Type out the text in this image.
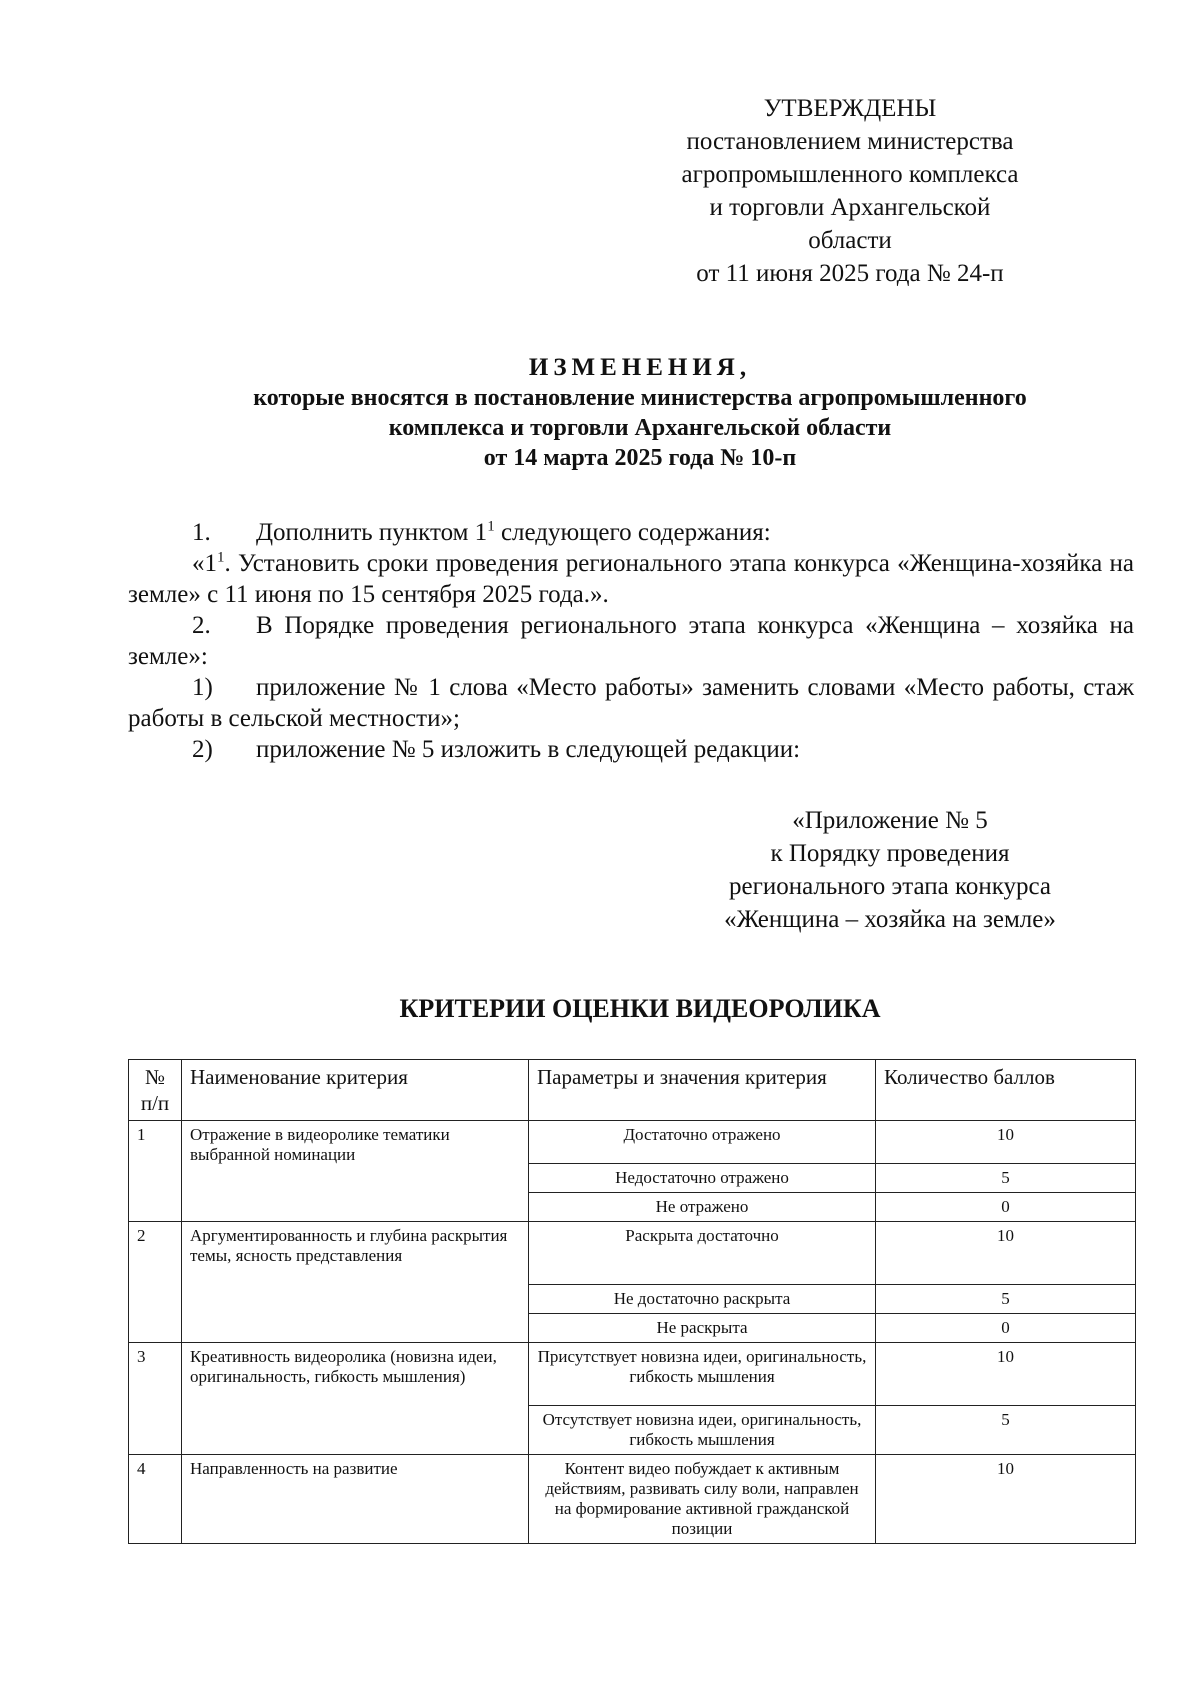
УТВЕРЖДЕНЫ
постановлением министерства
агропромышленного комплекса
и торговли Архангельской
области
от 11 июня 2025 года № 24-п
ИЗМЕНЕНИЯ,
которые вносятся в постановление министерства агропромышленного
комплекса и торговли Архангельской области
от 14 марта 2025 года № 10-п

1. Дополнить пунктом $1^1$ следующего содержания:

«$1^1$. Установить сроки проведения регионального этапа конкурса «Женщина-хозяйка на земле» с 11 июня по 15 сентября 2025 года.».

2. В Порядке проведения регионального этапа конкурса «Женщина – хозяйка на земле»:

1) приложение № 1 слова «Место работы» заменить словами «Место работы, стаж работы в сельской местности»;

2) приложение № 5 изложить в следующей редакции:

«Приложение № 5
к Порядку проведения
регионального этапа конкурса
«Женщина – хозяйка на земле»
КРИТЕРИИ ОЦЕНКИ ВИДЕОРОЛИКА
№ п/п	Наименование критерия	Параметры и значения критерия	Количество баллов
1	Отражение в видеоролике тематики выбранной номинации	Достаточно отражено	10
		Недостаточно отражено	5
		Не отражено	0
2	Аргументированность и глубина раскрытия темы, ясность представления	Раскрыта достаточно	10
		Не достаточно раскрыта	5
		Не раскрыта	0
3	Креативность видеоролика (новизна идеи, оригинальность, гибкость мышления)	Присутствует новизна идеи, оригинальность, гибкость мышления	10
		Отсутствует новизна идеи, оригинальность, гибкость мышления	5
4	Направленность на развитие	Контент видео побуждает к активным действиям, развивать силу воли, направлен на формирование активной гражданской позиции	10
